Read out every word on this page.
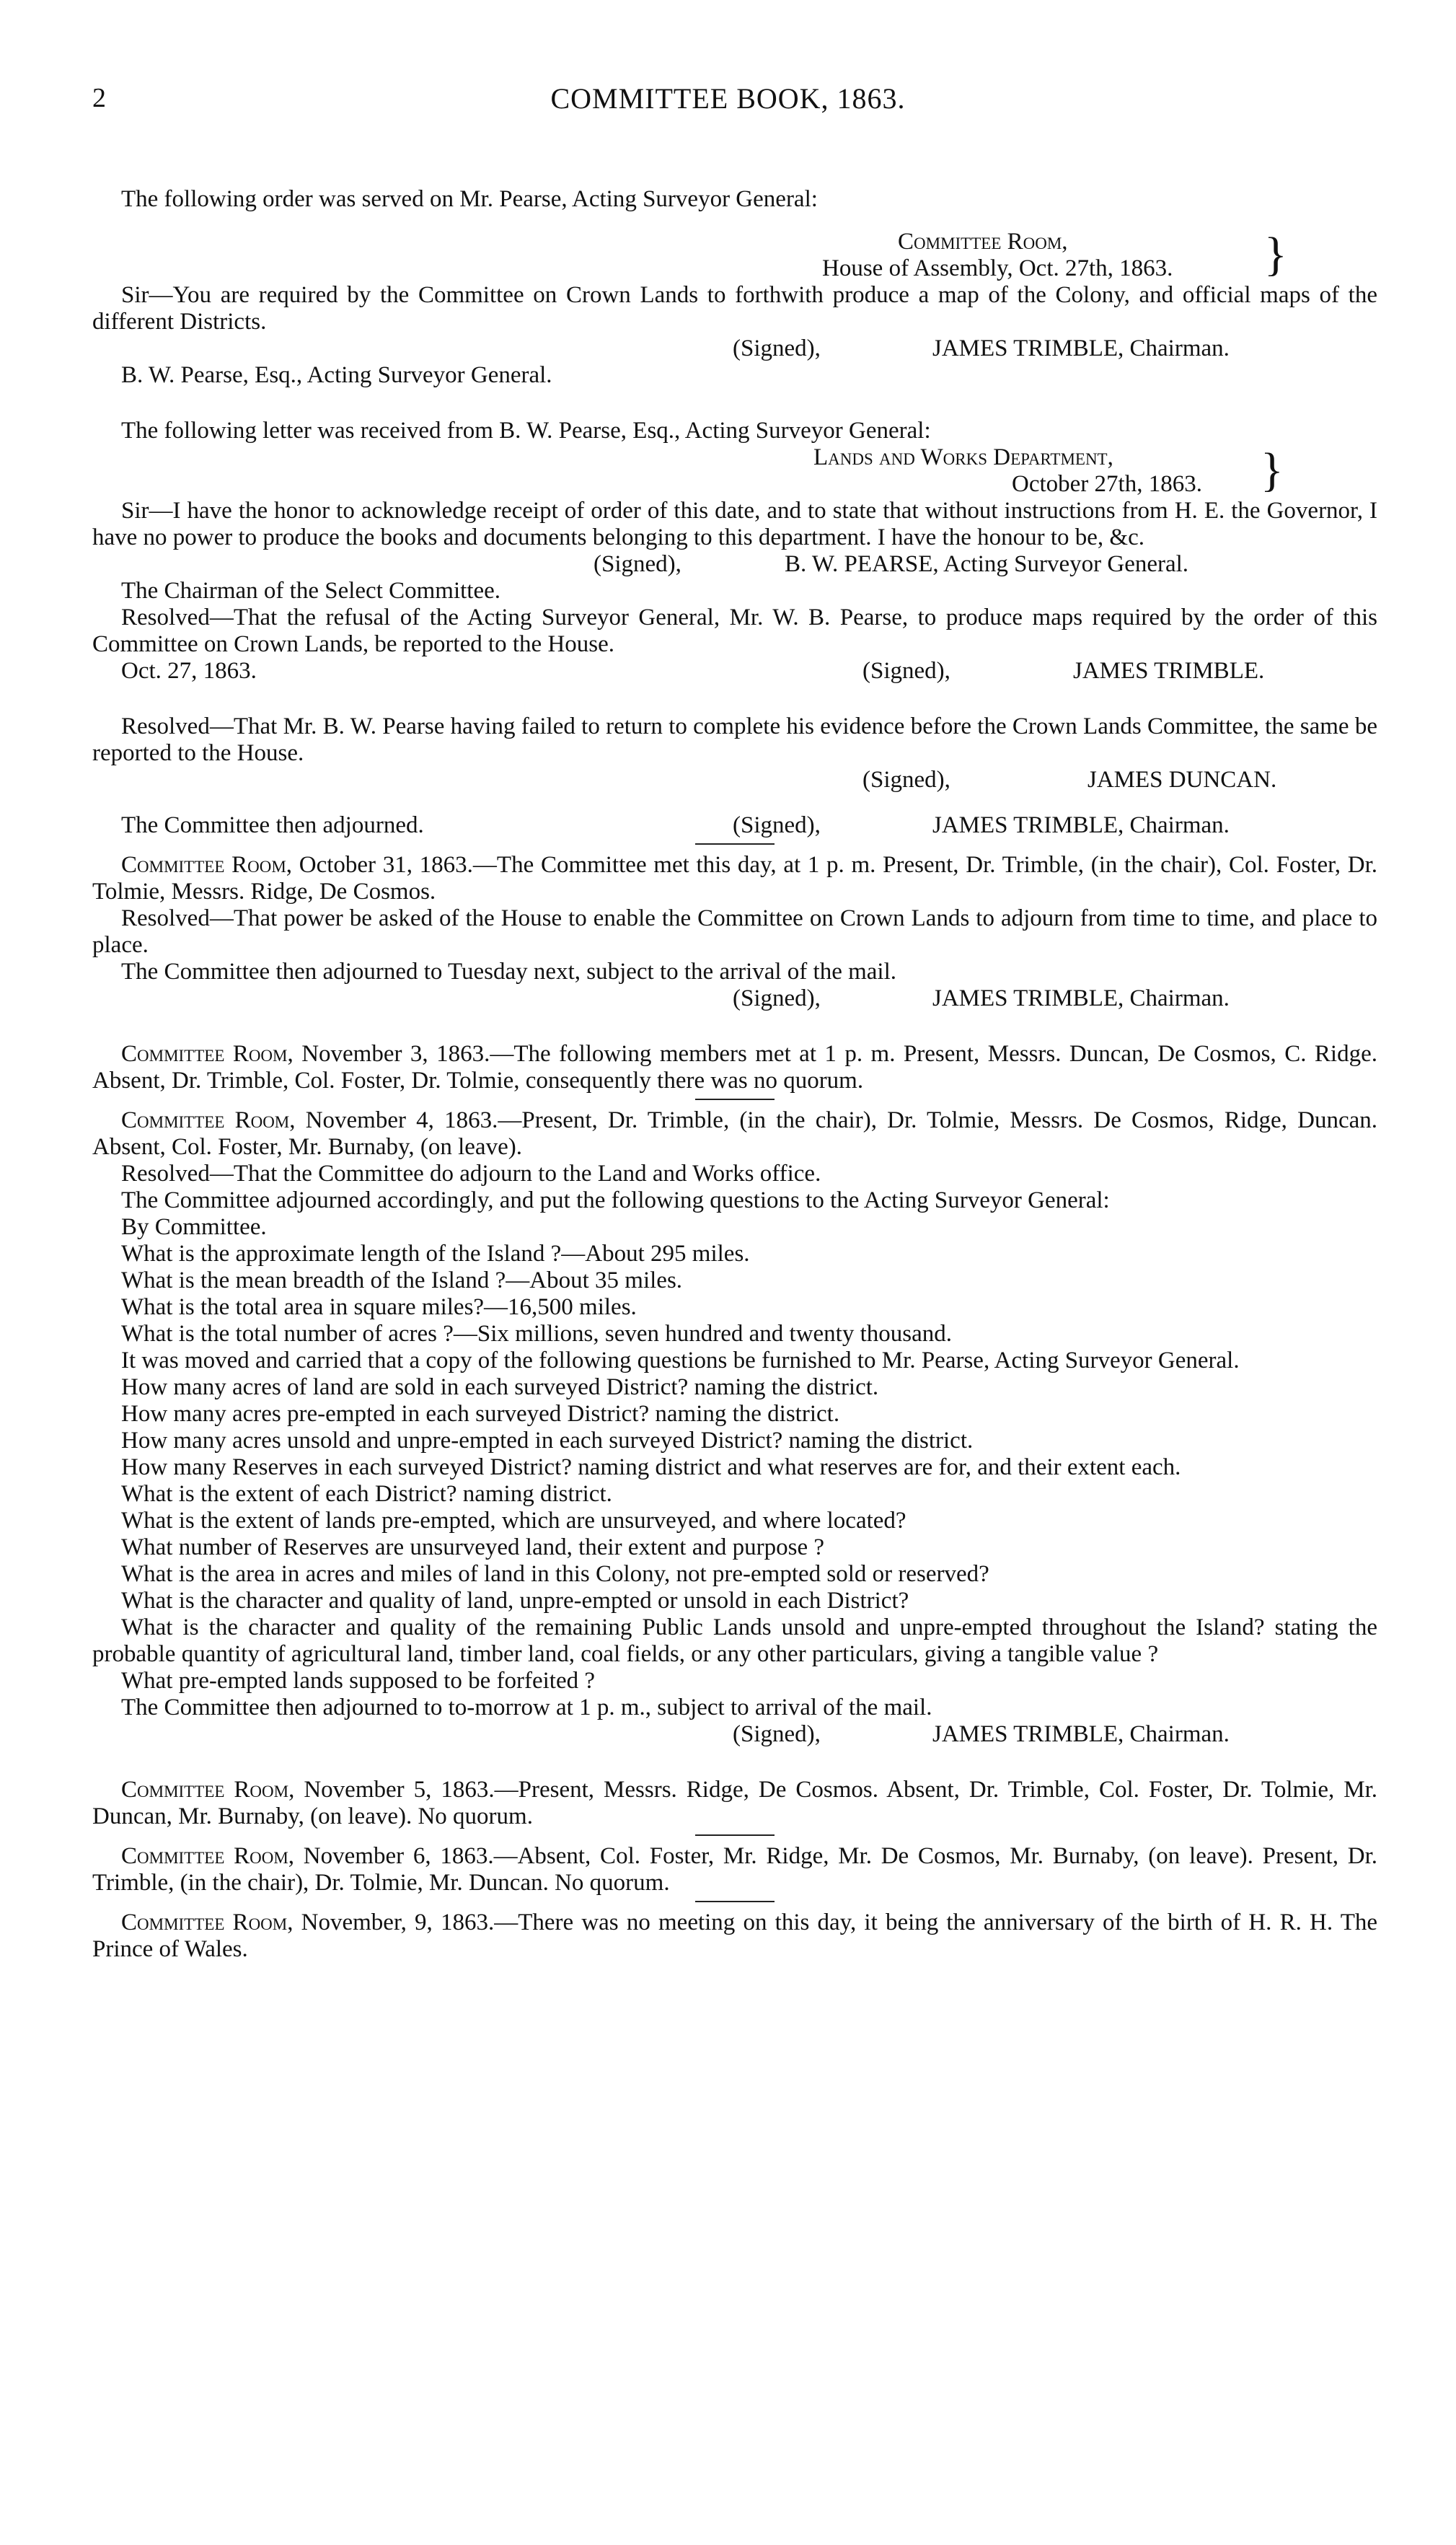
2	COMMITTEE BOOK, 1863.
The following order was served on Mr. Pearse, Acting Surveyor General:
Committee Room,
House of Assembly, Oct. 27th, 1863. }
Sir—You are required by the Committee on Crown Lands to forthwith produce a map of the Colony, and official maps of the different Districts.
(Signed),	JAMES TRIMBLE, Chairman.
B. W. Pearse, Esq., Acting Surveyor General.
The following letter was received from B. W. Pearse, Esq., Acting Surveyor General:
Lands and Works Department,
October 27th, 1863. }
Sir—I have the honor to acknowledge receipt of order of this date, and to state that without instructions from H. E. the Governor, I have no power to produce the books and documents belonging to this department. I have the honour to be, &c.
(Signed),	B. W. PEARSE, Acting Surveyor General.
The Chairman of the Select Committee.
Resolved—That the refusal of the Acting Surveyor General, Mr. W. B. Pearse, to produce maps required by the order of this Committee on Crown Lands, be reported to the House.
Oct. 27, 1863.	(Signed),	JAMES TRIMBLE.
Resolved—That Mr. B. W. Pearse having failed to return to complete his evidence before the Crown Lands Committee, the same be reported to the House.
(Signed),	JAMES DUNCAN.
The Committee then adjourned.	(Signed),	JAMES TRIMBLE, Chairman.
Committee Room, October 31, 1863.—The Committee met this day, at 1 p. m. Present, Dr. Trimble, (in the chair), Col. Foster, Dr. Tolmie, Messrs. Ridge, De Cosmos.
Resolved—That power be asked of the House to enable the Committee on Crown Lands to adjourn from time to time, and place to place.
The Committee then adjourned to Tuesday next, subject to the arrival of the mail.
(Signed),	JAMES TRIMBLE, Chairman.
Committee Room, November 3, 1863.—The following members met at 1 p. m. Present, Messrs. Duncan, De Cosmos, C. Ridge. Absent, Dr. Trimble, Col. Foster, Dr. Tolmie, consequently there was no quorum.
Committee Room, November 4, 1863.—Present, Dr. Trimble, (in the chair), Dr. Tolmie, Messrs. De Cosmos, Ridge, Duncan. Absent, Col. Foster, Mr. Burnaby, (on leave).
Resolved—That the Committee do adjourn to the Land and Works office.
The Committee adjourned accordingly, and put the following questions to the Acting Surveyor General:
By Committee.
What is the approximate length of the Island ?—About 295 miles.
What is the mean breadth of the Island ?—About 35 miles.
What is the total area in square miles?—16,500 miles.
What is the total number of acres ?—Six millions, seven hundred and twenty thousand.
It was moved and carried that a copy of the following questions be furnished to Mr. Pearse, Acting Surveyor General.
How many acres of land are sold in each surveyed District? naming the district.
How many acres pre-empted in each surveyed District? naming the district.
How many acres unsold and unpre-empted in each surveyed District? naming the district.
How many Reserves in each surveyed District? naming district and what reserves are for, and their extent each.
What is the extent of each District? naming district.
What is the extent of lands pre-empted, which are unsurveyed, and where located?
What number of Reserves are unsurveyed land, their extent and purpose ?
What is the area in acres and miles of land in this Colony, not pre-empted sold or reserved?
What is the character and quality of land, unpre-empted or unsold in each District?
What is the character and quality of the remaining Public Lands unsold and unpre-empted throughout the Island? stating the probable quantity of agricultural land, timber land, coal fields, or any other particulars, giving a tangible value ?
What pre-empted lands supposed to be forfeited ?
The Committee then adjourned to to-morrow at 1 p. m., subject to arrival of the mail.
(Signed),	JAMES TRIMBLE, Chairman.
Committee Room, November 5, 1863.—Present, Messrs. Ridge, De Cosmos. Absent, Dr. Trimble, Col. Foster, Dr. Tolmie, Mr. Duncan, Mr. Burnaby, (on leave). No quorum.
Committee Room, November 6, 1863.—Absent, Col. Foster, Mr. Ridge, Mr. De Cosmos, Mr. Burnaby, (on leave). Present, Dr. Trimble, (in the chair), Dr. Tolmie, Mr. Duncan. No quorum.
Committee Room, November, 9, 1863.—There was no meeting on this day, it being the anniversary of the birth of H. R. H. The Prince of Wales.
